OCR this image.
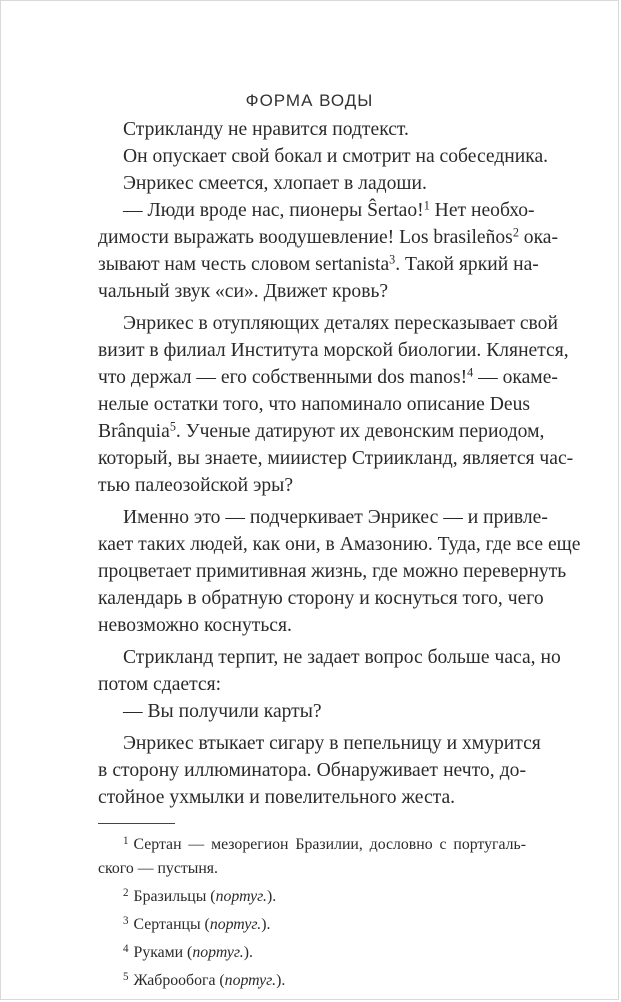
ФОРМА ВОДЫ
Стрикланду не нравится подтекст.
Он опускает свой бокал и смотрит на собеседника.
Энрикес смеется, хлопает в ладоши.
— Люди вроде нас, пионеры Ŝertao!$^1$ Нет необхо-
димости выражать воодушевление! Los brasileños$^2$ ока-
зывают нам честь словом sertanista$^3$. Такой яркий на-
чальный звук «си». Движет кровь?
Энрикес в отупляющих деталях пересказывает свой
визит в филиал Института морской биологии. Клянется,
что держал — его собственными dos manos!$^4$ — окаме-
нелые остатки того, что напоминало описание Deus
Brânquia$^5$. Ученые датируют их девонским периодом,
который, вы знаете, мииистер Стриикланд, является час-
тью палеозойской эры?
Именно это — подчеркивает Энрикес — и привле-
кает таких людей, как они, в Амазонию. Туда, где все еще
процветает примитивная жизнь, где можно перевернуть
календарь в обратную сторону и коснуться того, чего
невозможно коснуться.
Стрикланд терпит, не задает вопрос больше часа, но
потом сдается:
— Вы получили карты?
Энрикес втыкает сигару в пепельницу и хмурится
в сторону иллюминатора. Обнаруживает нечто, до-
стойное ухмылки и повелительного жеста.
$^1$ Сертан — мезорегион Бразилии, дословно с португаль-
ского — пустыня.
$^2$ Бразильцы (португ.).
$^3$ Сертанцы (португ.).
$^4$ Руками (португ.).
$^5$ Жаброобога (португ.).
